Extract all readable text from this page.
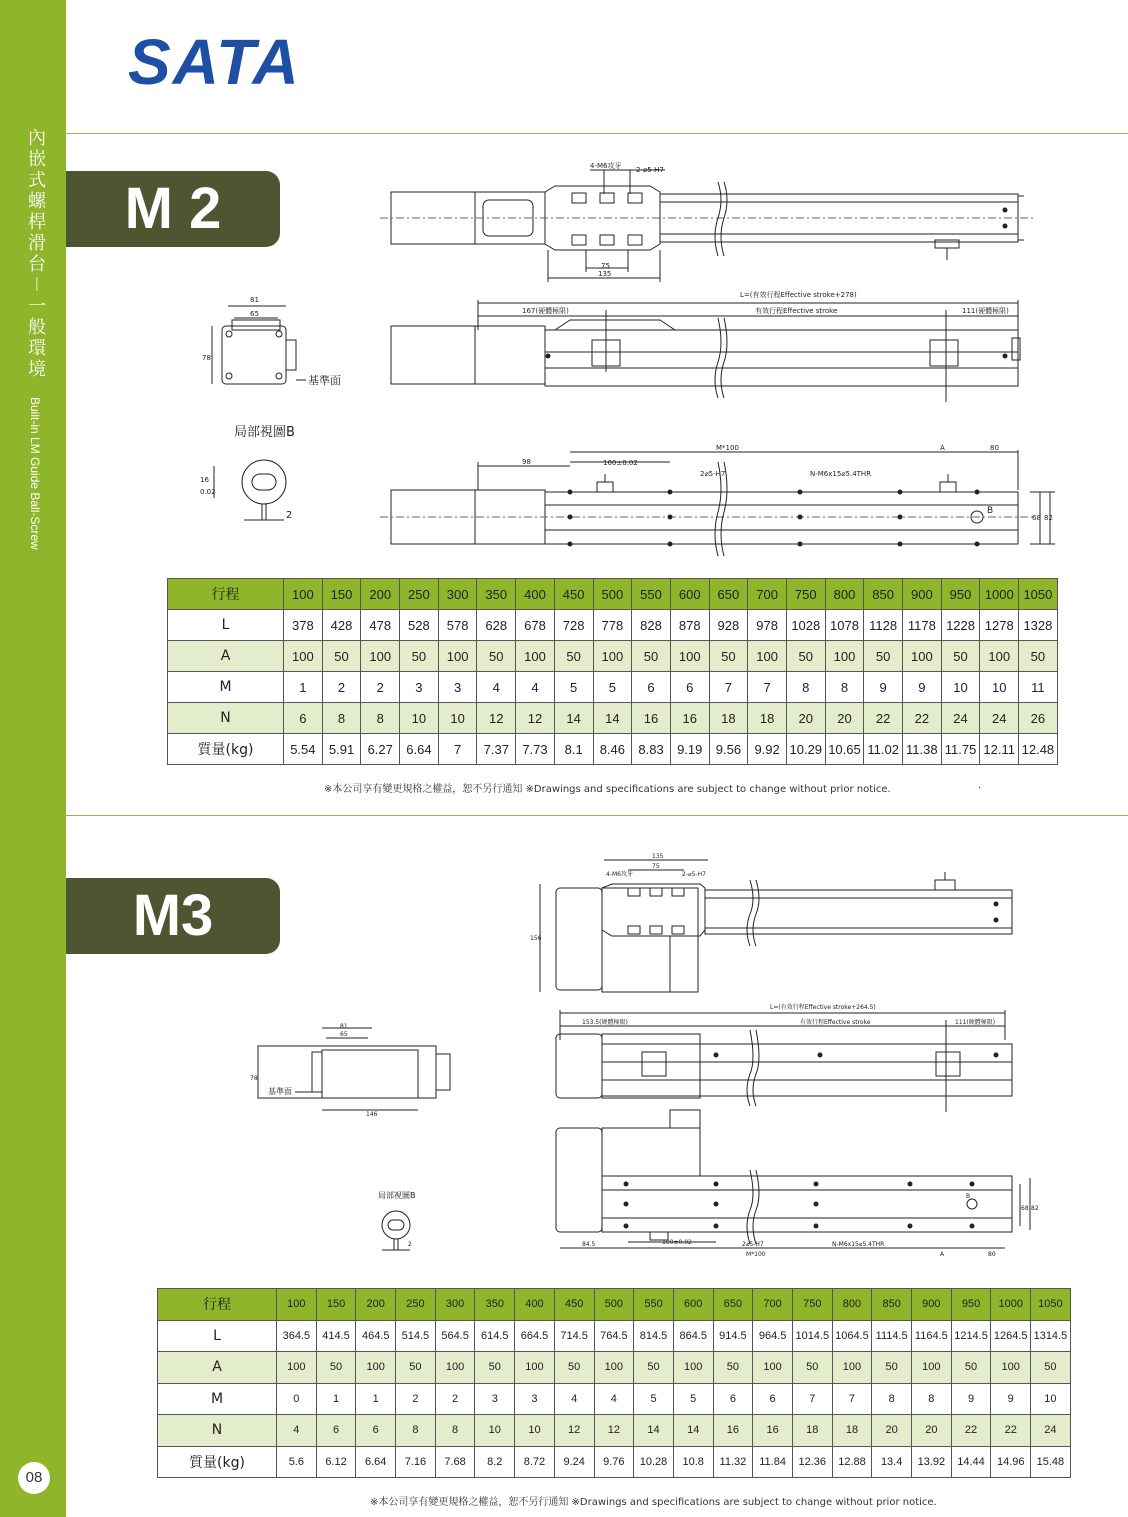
內嵌式螺桿滑台－一般環境 Built-in LM Guide Ball-Screw
08
SATA
M 2
M3
4-M6攻牙 2-⌀5-H7
135
75
L=(有效行程Effective stroke+278)
167(硬體極限)	有效行程Effective stroke	111(硬體極限)
81
65
78
M*100
98	100±0.02
2⌀5-H7	N-M6x15⌀5.4THR
A	80
68 82
B
16
0.02
2
基準面
局部視圖B
135
75
4-M6攻牙	2-⌀5-H7
156
L=(有效行程Effective stroke+264.5)
153.5(硬體極限)	有效行程Effective stroke	111(硬體極限)
81
65
78
146
84.5	100±0.02	2⌀5-H7
M*100
N-M6x15⌀5.4THR
A	80
68 82
B
2
基準面
局部視圖B
行程	100	150	200	250	300	350	400	450	500	550	600	650	700	750	800	850	900	950	1000	1050
L	378	428	478	528	578	628	678	728	778	828	878	928	978	1028	1078	1128	1178	1228	1278	1328
A	100	50	100	50	100	50	100	50	100	50	100	50	100	50	100	50	100	50	100	50
M	1	2	2	3	3	4	4	5	5	6	6	7	7	8	8	9	9	10	10	11
N	6	8	8	10	10	12	12	14	14	16	16	18	18	20	20	22	22	24	24	26
質量(kg)	5.54	5.91	6.27	6.64	7	7.37	7.73	8.1	8.46	8.83	9.19	9.56	9.92	10.29	10.65	11.02	11.38	11.75	12.11	12.48
※本公司享有變更規格之權益，恕不另行通知 ※Drawings and specifications are subject to change without prior notice.	.
行程	100	150	200	250	300	350	400	450	500	550	600	650	700	750	800	850	900	950	1000	1050
L	364.5	414.5	464.5	514.5	564.5	614.5	664.5	714.5	764.5	814.5	864.5	914.5	964.5	1014.5	1064.5	1114.5	1164.5	1214.5	1264.5	1314.5
A	100	50	100	50	100	50	100	50	100	50	100	50	100	50	100	50	100	50	100	50
M	0	1	1	2	2	3	3	4	4	5	5	6	6	7	7	8	8	9	9	10
N	4	6	6	8	8	10	10	12	12	14	14	16	16	18	18	20	20	22	22	24
質量(kg)	5.6	6.12	6.64	7.16	7.68	8.2	8.72	9.24	9.76	10.28	10.8	11.32	11.84	12.36	12.88	13.4	13.92	14.44	14.96	15.48
※本公司享有變更規格之權益，恕不另行通知 ※Drawings and specifications are subject to change without prior notice.
